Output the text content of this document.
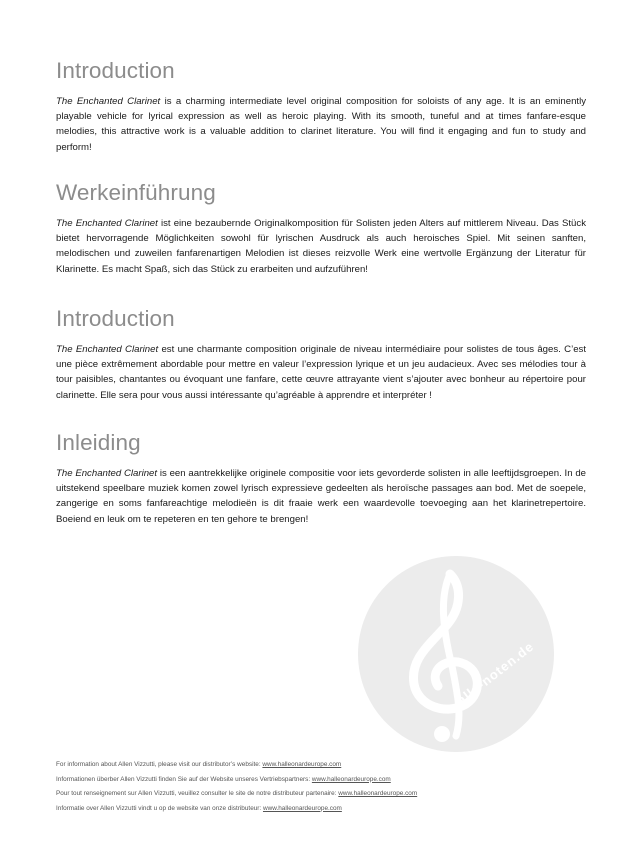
Introduction

The Enchanted Clarinet is a charming intermediate level original composition for soloists of any age. It is an eminently playable vehicle for lyrical expression as well as heroic playing. With its smooth, tuneful and at times fanfare-esque melodies, this attractive work is a valuable addition to clarinet literature. You will find it engaging and fun to study and perform!

Werkeinführung

The Enchanted Clarinet ist eine bezaubernde Originalkomposition für Solisten jeden Alters auf mittlerem Niveau. Das Stück bietet hervorragende Möglichkeiten sowohl für lyrischen Ausdruck als auch heroisches Spiel. Mit seinen sanften, melodischen und zuweilen fanfarenartigen Melodien ist dieses reizvolle Werk eine wertvolle Ergänzung der Literatur für Klarinette. Es macht Spaß, sich das Stück zu erarbeiten und aufzuführen!

Introduction

The Enchanted Clarinet est une charmante composition originale de niveau intermédiaire pour solistes de tous âges. C’est une pièce extrêmement abordable pour mettre en valeur l’expression lyrique et un jeu audacieux. Avec ses mélodies tour à tour paisibles, chantantes ou évoquant une fanfare, cette œuvre attrayante vient s’ajouter avec bonheur au répertoire pour clarinette. Elle sera pour vous aussi intéressante qu’agréable à apprendre et interpréter !

Inleiding

The Enchanted Clarinet is een aantrekkelijke originele compositie voor iets gevorderde solisten in alle leeftijdsgroepen. In de uitstekend speelbare muziek komen zowel lyrisch expressieve gedeelten als heroïsche passages aan bod. Met de soepele, zangerige en soms fanfareachtige melodieën is dit fraaie werk een waardevolle toevoeging aan het klarinetrepertoire. Boeiend en leuk om te repeteren en ten gehore te brengen!

alle-noten.de
For information about Allen Vizzutti, please visit our distributor’s website: www.halleonardeurope.com
Informationen überber Allen Vizzutti finden Sie auf der Website unseres Vertriebspartners: www.halleonardeurope.com
Pour tout renseignement sur Allen Vizzutti, veuillez consulter le site de notre distributeur partenaire: www.halleonardeurope.com
Informatie over Allen Vizzutti vindt u op de website van onze distributeur: www.halleonardeurope.com
